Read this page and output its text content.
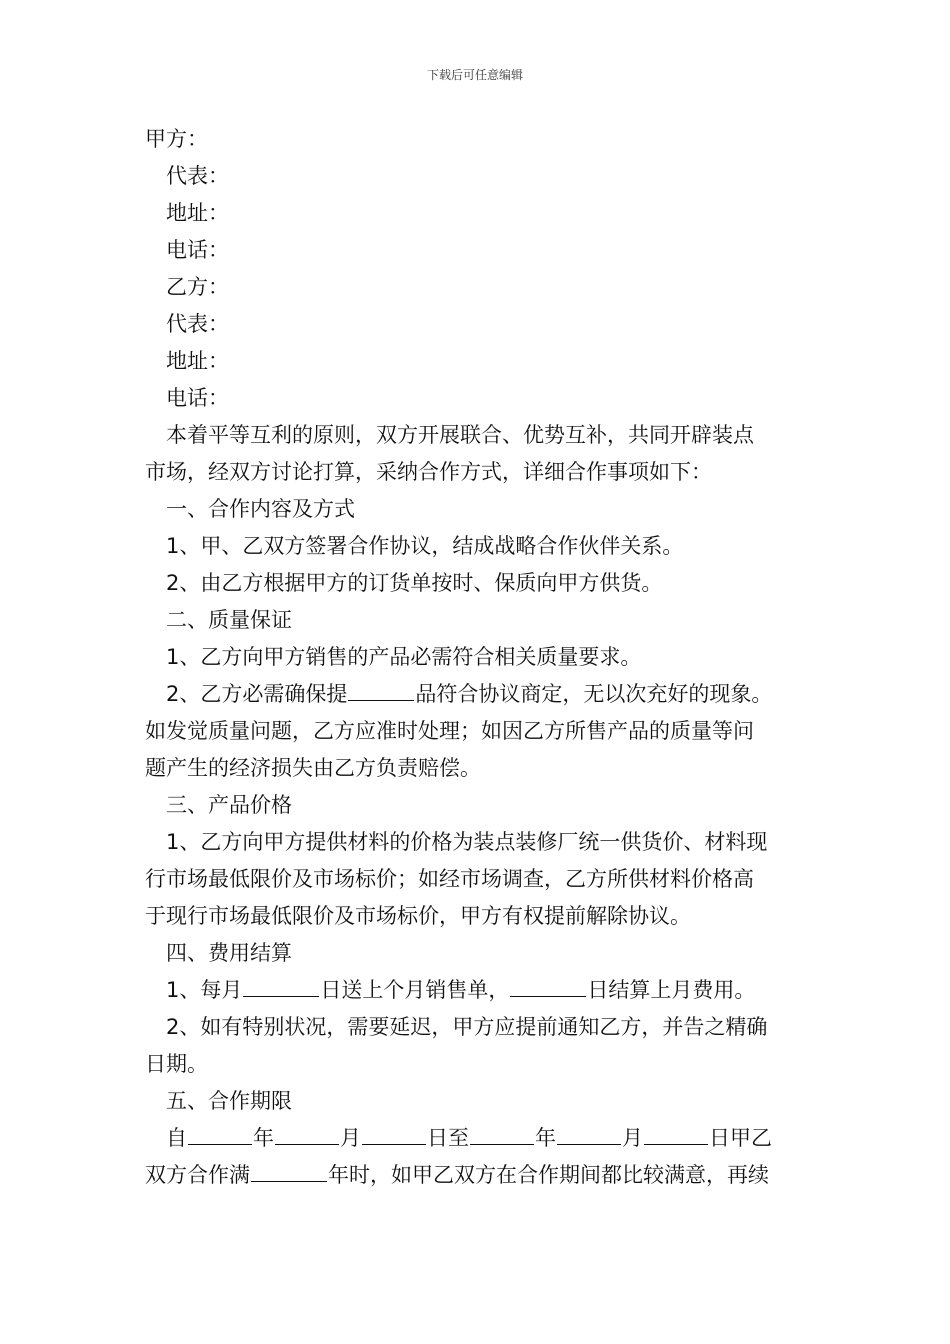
下载后可任意编辑
甲方：
代表：
地址：
电话：
乙方：
代表：
地址：
电话：
本着平等互利的原则，双方开展联合、优势互补，共同开辟装点
市场，经双方讨论打算，采纳合作方式，详细合作事项如下：
一、合作内容及方式
1、甲、乙双方签署合作协议，结成战略合作伙伴关系。
2、由乙方根据甲方的订货单按时、保质向甲方供货。
二、质量保证
1、乙方向甲方销售的产品必需符合相关质量要求。
2、乙方必需确保提	品符合协议商定，无以次充好的现象。
如发觉质量问题，乙方应准时处理；如因乙方所售产品的质量等问
题产生的经济损失由乙方负责赔偿。
三、产品价格
1、乙方向甲方提供材料的价格为装点装修厂统一供货价、材料现
行市场最低限价及市场标价；如经市场调查，乙方所供材料价格高
于现行市场最低限价及市场标价，甲方有权提前解除协议。
四、费用结算
1、每月	日送上个月销售单，	日结算上月费用。
2、如有特别状况，需要延迟，甲方应提前通知乙方，并告之精确
日期。
五、合作期限
自	年	月	日至	年	月	日甲乙
双方合作满	年时，如甲乙双方在合作期间都比较满意，再续
